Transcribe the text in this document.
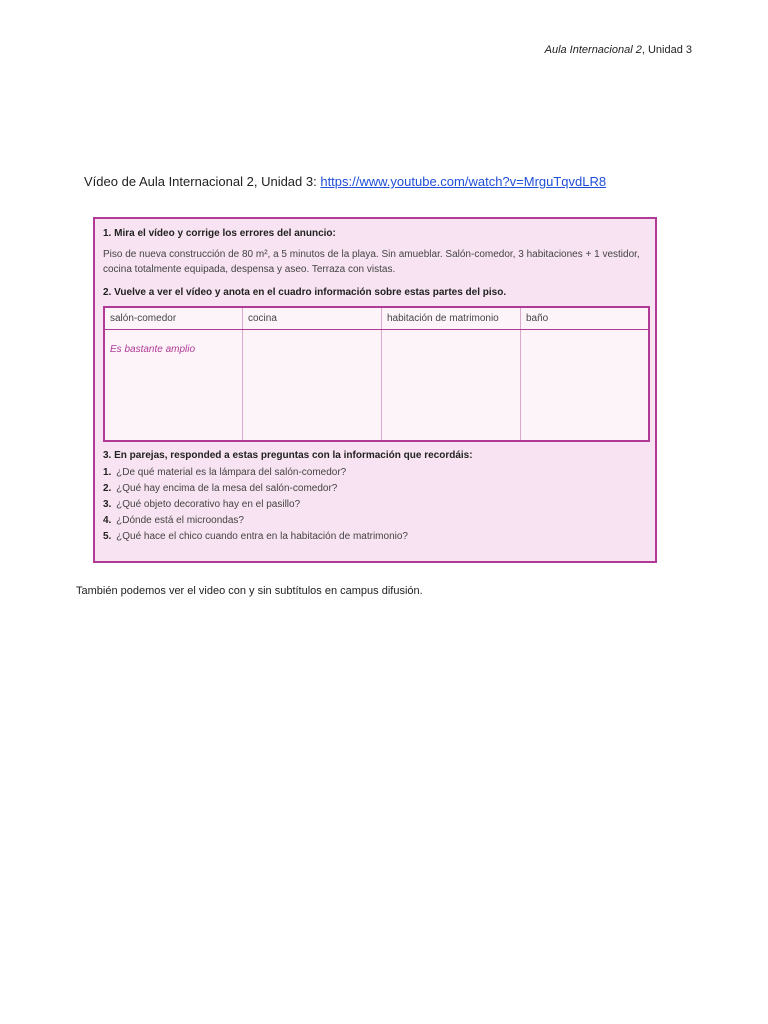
Aula Internacional 2, Unidad 3
Vídeo de Aula Internacional 2, Unidad 3: https://www.youtube.com/watch?v=MrguTqvdLR8
1. Mira el vídeo y corrige los errores del anuncio:
Piso de nueva construcción de 80 m², a 5 minutos de la playa. Sin amueblar. Salón-comedor, 3 habitaciones + 1 vestidor, cocina totalmente equipada, despensa y aseo. Terraza con vistas.
2. Vuelve a ver el vídeo y anota en el cuadro información sobre estas partes del piso.
salón-comedor	cocina	habitación de matrimonio	baño
Es bastante amplio			
3. En parejas, responded a estas preguntas con la información que recordáis:
1. ¿De qué material es la lámpara del salón-comedor?
2. ¿Qué hay encima de la mesa del salón-comedor?
3. ¿Qué objeto decorativo hay en el pasillo?
4. ¿Dónde está el microondas?
5. ¿Qué hace el chico cuando entra en la habitación de matrimonio?
También podemos ver el video con y sin subtítulos en campus difusión.
